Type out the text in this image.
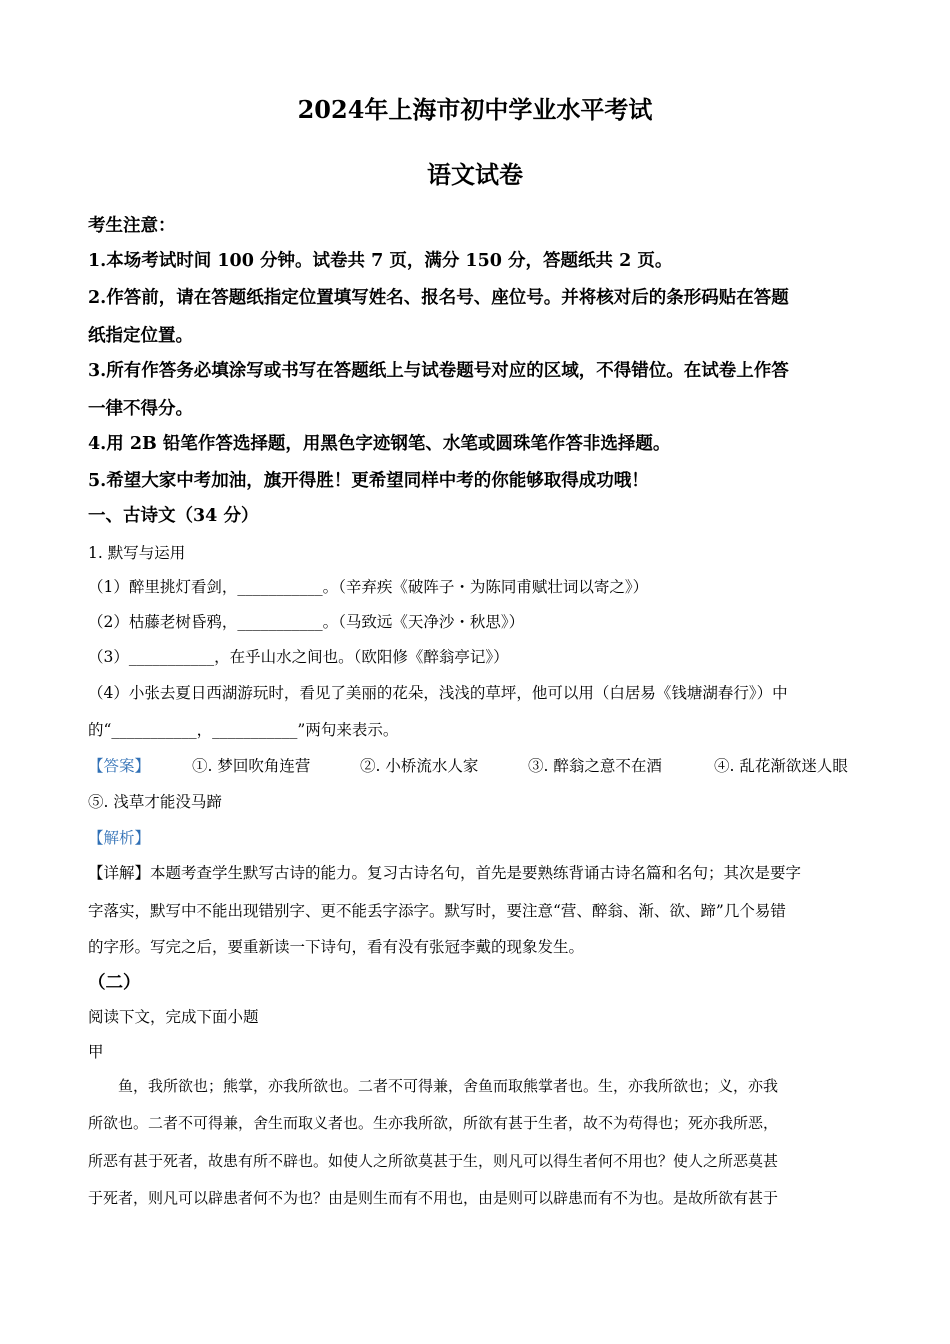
2024年上海市初中学业水平考试
语文试卷
考生注意：
1.本场考试时间 100 分钟。试卷共 7 页，满分 150 分，答题纸共 2 页。
2.作答前，请在答题纸指定位置填写姓名、报名号、座位号。并将核对后的条形码贴在答题
纸指定位置。
3.所有作答务必填涂写或书写在答题纸上与试卷题号对应的区域，不得错位。在试卷上作答
一律不得分。
4.用 2B 铅笔作答选择题，用黑色字迹钢笔、水笔或圆珠笔作答非选择题。
5.希望大家中考加油，旗开得胜！更希望同样中考的你能够取得成功哦！
一、古诗文（34 分）
1. 默写与运用
（1）醉里挑灯看剑，___________。（辛弃疾《破阵子・为陈同甫赋壮词以寄之》）
（2）枯藤老树昏鸦，___________。（马致远《天净沙・秋思》）
（3）___________，在乎山水之间也。（欧阳修《醉翁亭记》）
（4）小张去夏日西湖游玩时，看见了美丽的花朵，浅浅的草坪，他可以用（白居易《钱塘湖春行》）中
的“___________，___________”两句来表示。
【答案】	①. 梦回吹角连营	②. 小桥流水人家	③. 醉翁之意不在酒	④. 乱花渐欲迷人眼
⑤. 浅草才能没马蹄
【解析】
【详解】本题考查学生默写古诗的能力。复习古诗名句，首先是要熟练背诵古诗名篇和名句；其次是要字
字落实，默写中不能出现错别字、更不能丢字添字。默写时，要注意“营、醉翁、渐、欲、蹄”几个易错
的字形。写完之后，要重新读一下诗句，看有没有张冠李戴的现象发生。
（二）
阅读下文，完成下面小题
甲
　　鱼，我所欲也；熊掌，亦我所欲也。二者不可得兼，舍鱼而取熊掌者也。生，亦我所欲也；义，亦我
所欲也。二者不可得兼，舍生而取义者也。生亦我所欲，所欲有甚于生者，故不为苟得也；死亦我所恶，
所恶有甚于死者，故患有所不辟也。如使人之所欲莫甚于生，则凡可以得生者何不用也？使人之所恶莫甚
于死者，则凡可以辟患者何不为也？由是则生而有不用也，由是则可以辟患而有不为也。是故所欲有甚于
